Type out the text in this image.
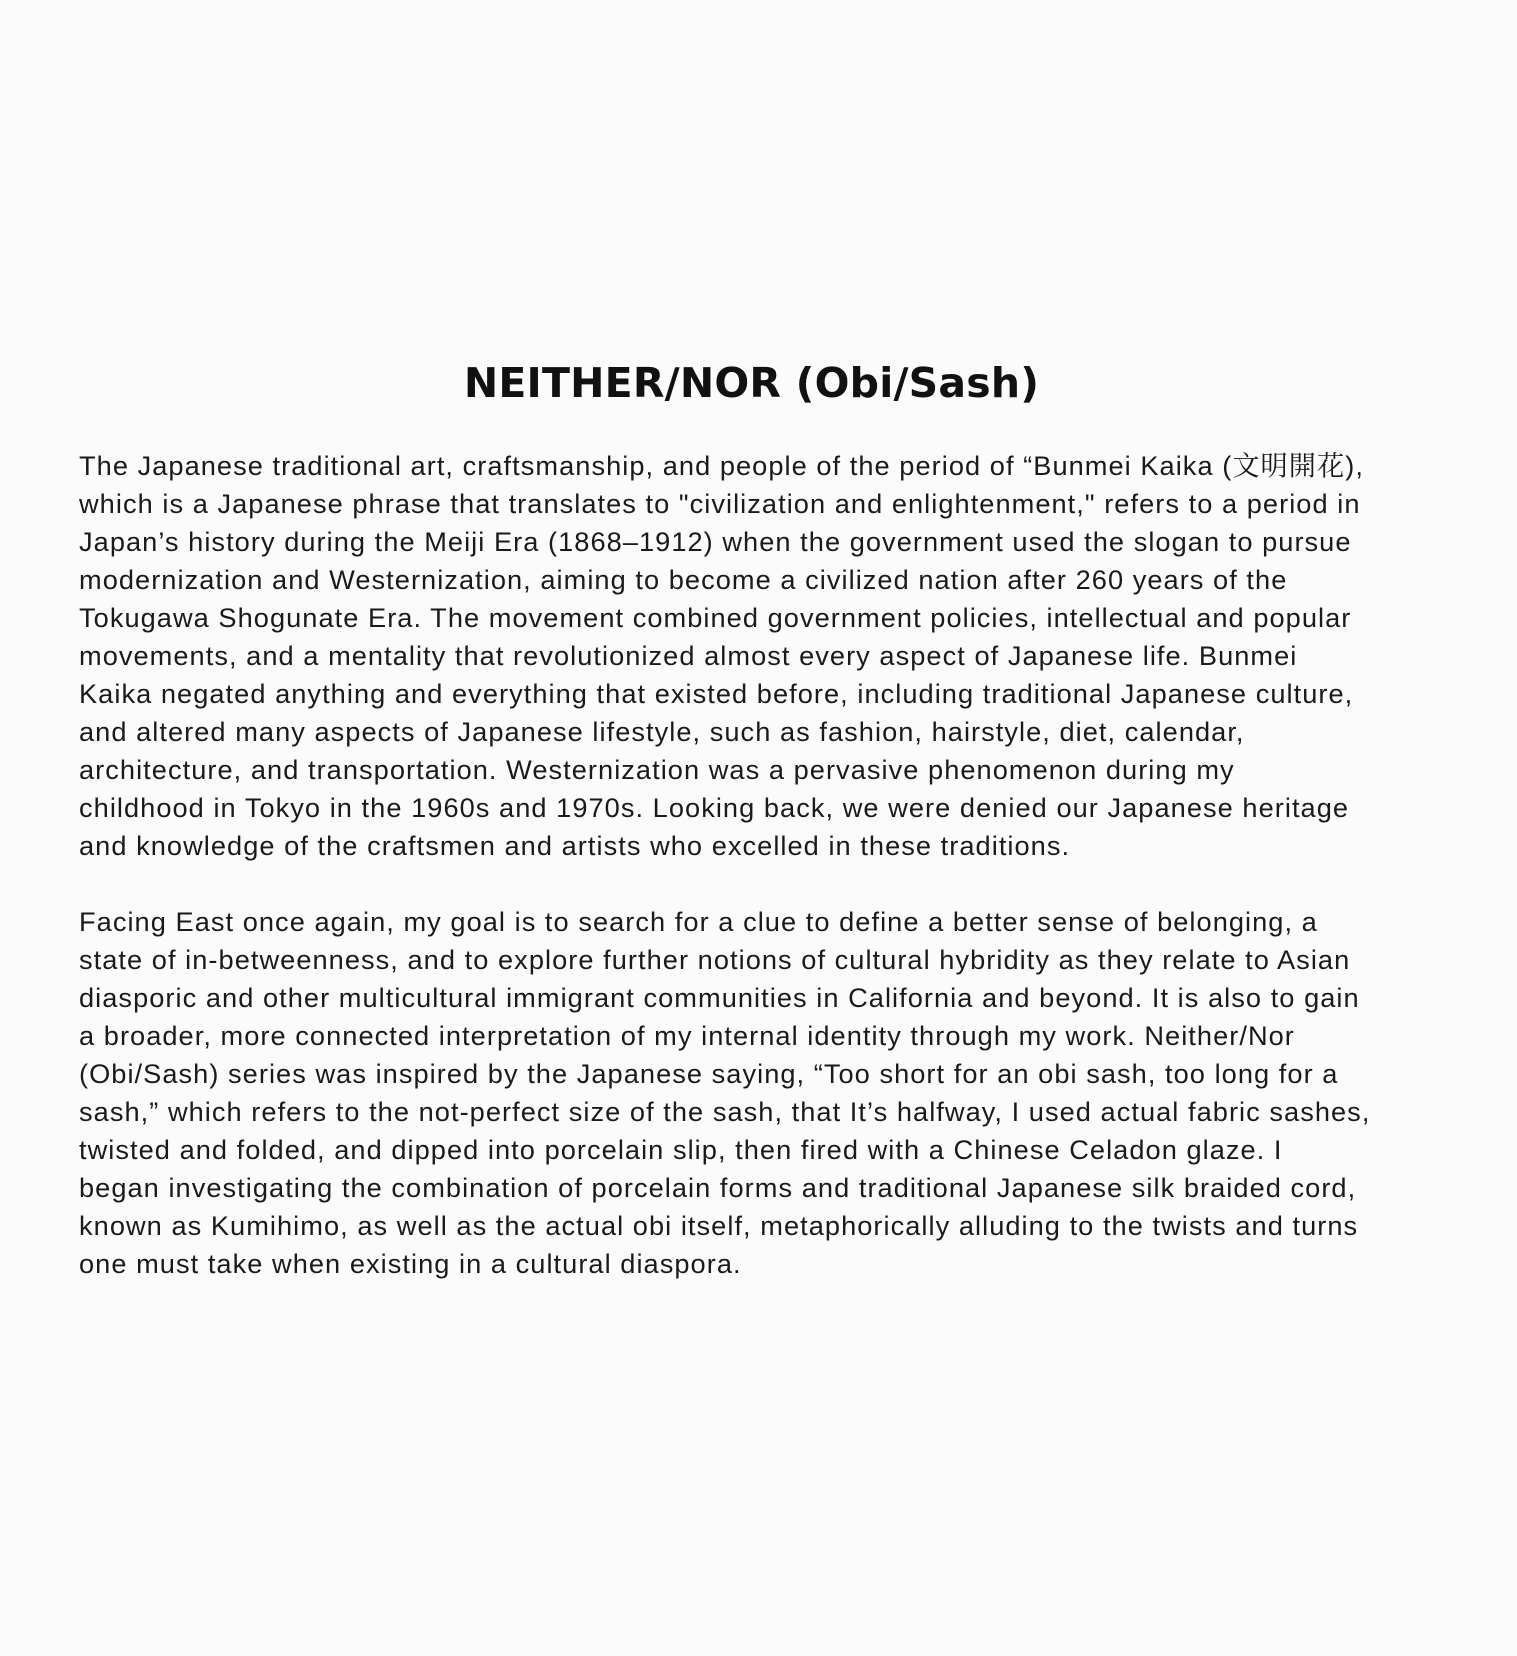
NEITHER/NOR (Obi/Sash)

The Japanese traditional art, craftsmanship, and people of the period of “Bunmei Kaika (文明開花),
which is a Japanese phrase that translates to "civilization and enlightenment," refers to a period in
Japan’s history during the Meiji Era (1868–1912) when the government used the slogan to pursue
modernization and Westernization, aiming to become a civilized nation after 260 years of the
Tokugawa Shogunate Era. The movement combined government policies, intellectual and popular
movements, and a mentality that revolutionized almost every aspect of Japanese life. Bunmei
Kaika negated anything and everything that existed before, including traditional Japanese culture,
and altered many aspects of Japanese lifestyle, such as fashion, hairstyle, diet, calendar,
architecture, and transportation. Westernization was a pervasive phenomenon during my
childhood in Tokyo in the 1960s and 1970s. Looking back, we were denied our Japanese heritage
and knowledge of the craftsmen and artists who excelled in these traditions.

Facing East once again, my goal is to search for a clue to define a better sense of belonging, a
state of in-betweenness, and to explore further notions of cultural hybridity as they relate to Asian
diasporic and other multicultural immigrant communities in California and beyond. It is also to gain
a broader, more connected interpretation of my internal identity through my work. Neither/Nor
(Obi/Sash) series was inspired by the Japanese saying, “Too short for an obi sash, too long for a
sash,” which refers to the not-perfect size of the sash, that It’s halfway, I used actual fabric sashes,
twisted and folded, and dipped into porcelain slip, then fired with a Chinese Celadon glaze. I
began investigating the combination of porcelain forms and traditional Japanese silk braided cord,
known as Kumihimo, as well as the actual obi itself, metaphorically alluding to the twists and turns
one must take when existing in a cultural diaspora.
